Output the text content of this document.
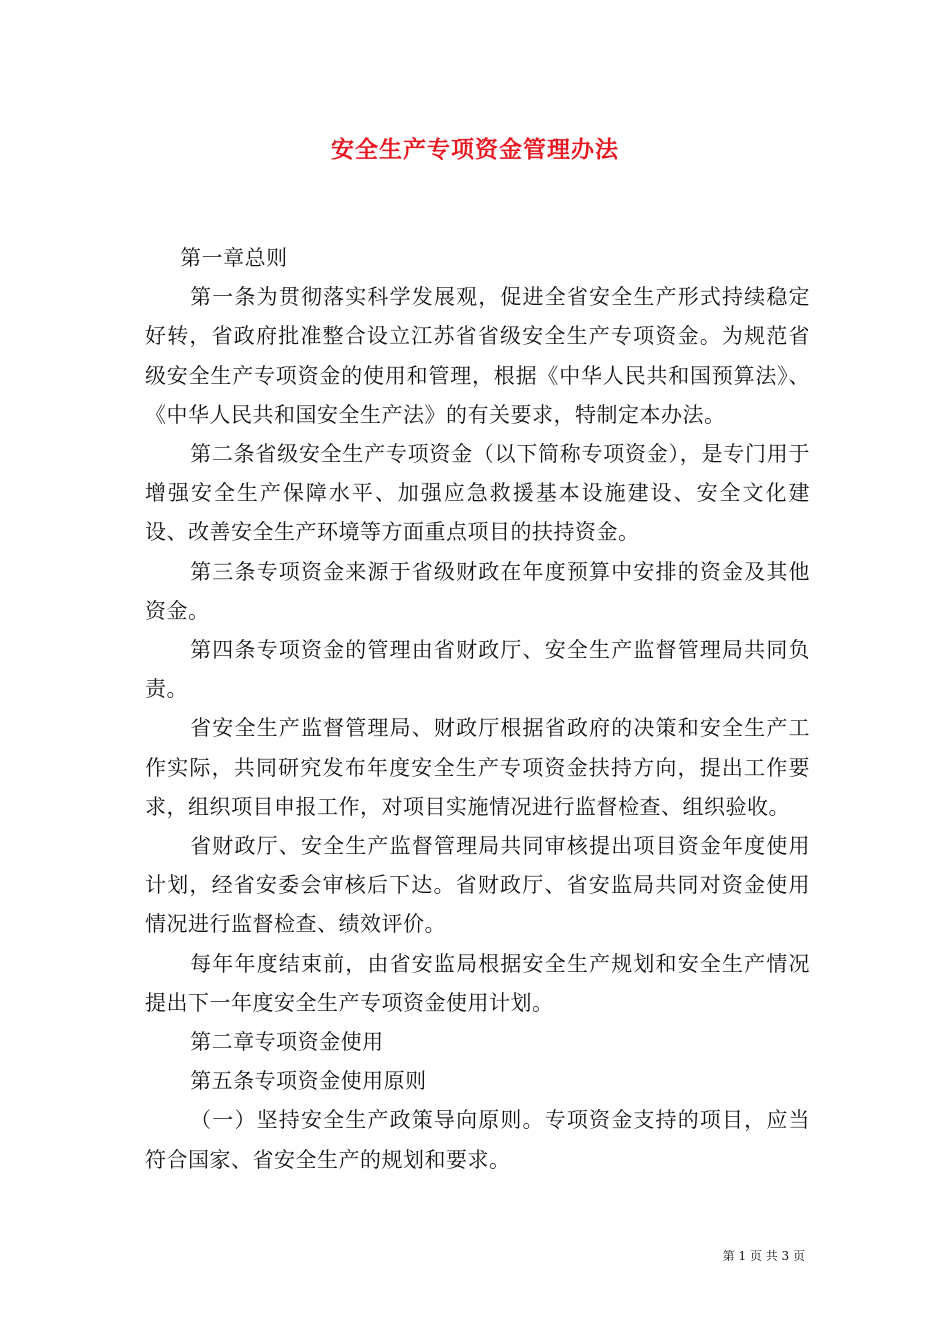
安全生产专项资金管理办法

第一章总则

第一条为贯彻落实科学发展观，促进全省安全生产形式持续稳定好转，省政府批准整合设立江苏省省级安全生产专项资金。为规范省级安全生产专项资金的使用和管理，根据《中华人民共和国预算法》、《中华人民共和国安全生产法》的有关要求，特制定本办法。

第二条省级安全生产专项资金（以下简称专项资金），是专门用于增强安全生产保障水平、加强应急救援基本设施建设、安全文化建设、改善安全生产环境等方面重点项目的扶持资金。

第三条专项资金来源于省级财政在年度预算中安排的资金及其他资金。

第四条专项资金的管理由省财政厅、安全生产监督管理局共同负责。

省安全生产监督管理局、财政厅根据省政府的决策和安全生产工作实际，共同研究发布年度安全生产专项资金扶持方向，提出工作要求，组织项目申报工作，对项目实施情况进行监督检查、组织验收。

省财政厅、安全生产监督管理局共同审核提出项目资金年度使用计划，经省安委会审核后下达。省财政厅、省安监局共同对资金使用情况进行监督检查、绩效评价。

每年年度结束前，由省安监局根据安全生产规划和安全生产情况提出下一年度安全生产专项资金使用计划。

第二章专项资金使用

第五条专项资金使用原则

（一）坚持安全生产政策导向原则。专项资金支持的项目，应当符合国家、省安全生产的规划和要求。

第 1 页 共 3 页
